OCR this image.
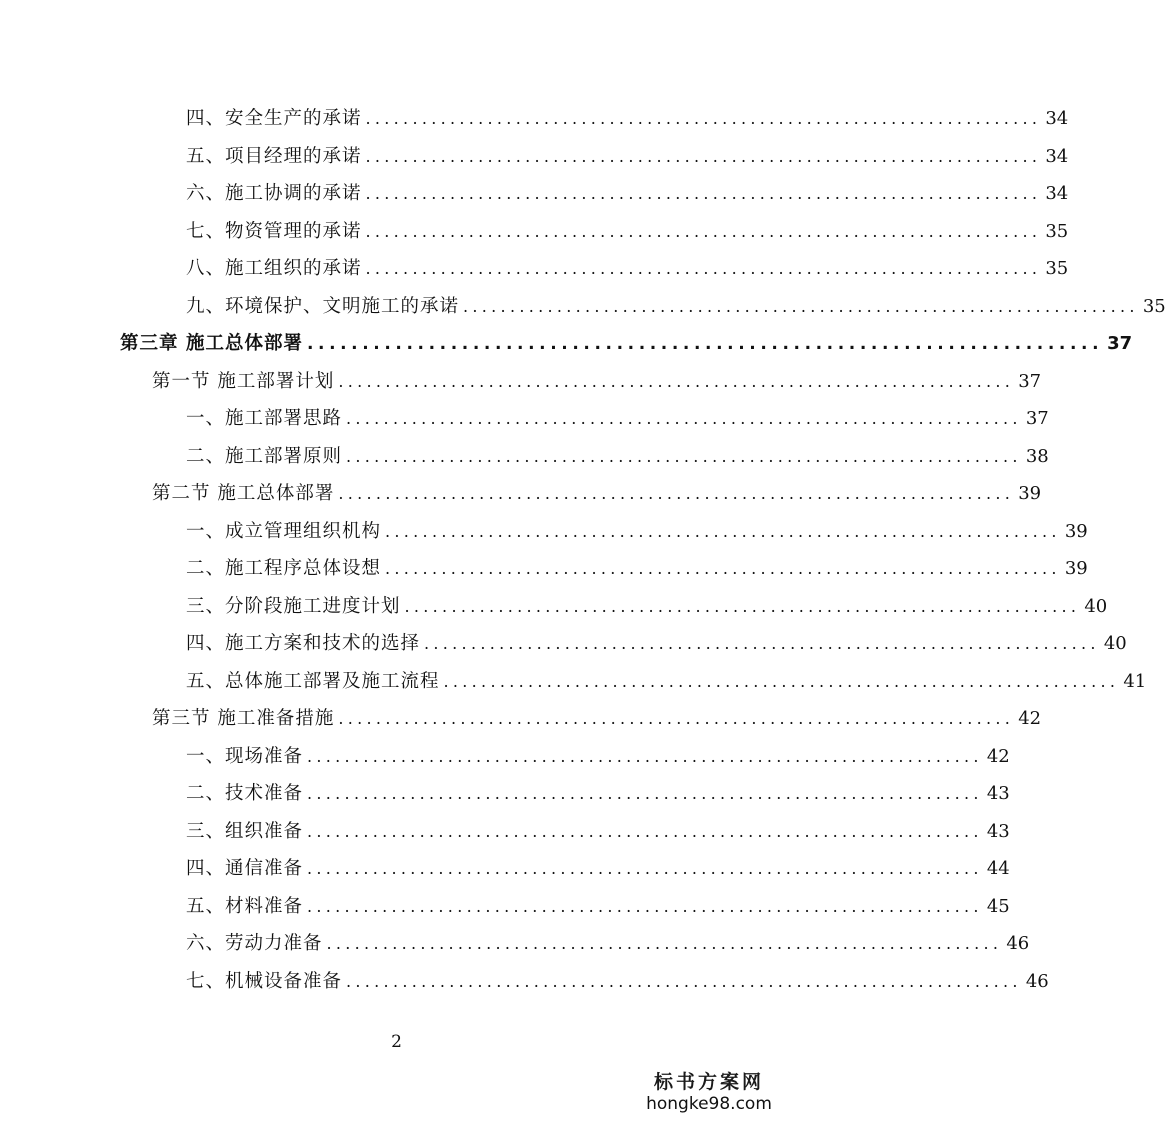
四、安全生产的承诺 ........................................................................ 34
五、项目经理的承诺 ........................................................................ 34
六、施工协调的承诺 ........................................................................ 34
七、物资管理的承诺 ........................................................................ 35
八、施工组织的承诺 ........................................................................ 35
九、环境保护、文明施工的承诺 ........................................................................ 35
第三章 施工总体部署 ........................................................................ 37
第一节 施工部署计划 ........................................................................ 37
一、施工部署思路 ........................................................................ 37
二、施工部署原则 ........................................................................ 38
第二节 施工总体部署 ........................................................................ 39
一、成立管理组织机构 ........................................................................ 39
二、施工程序总体设想 ........................................................................ 39
三、分阶段施工进度计划 ........................................................................ 40
四、施工方案和技术的选择 ........................................................................ 40
五、总体施工部署及施工流程 ........................................................................ 41
第三节 施工准备措施 ........................................................................ 42
一、现场准备 ........................................................................ 42
二、技术准备 ........................................................................ 43
三、组织准备 ........................................................................ 43
四、通信准备 ........................................................................ 44
五、材料准备 ........................................................................ 45
六、劳动力准备 ........................................................................ 46
七、机械设备准备 ........................................................................ 46
2
标书方案网
hongke98.com
